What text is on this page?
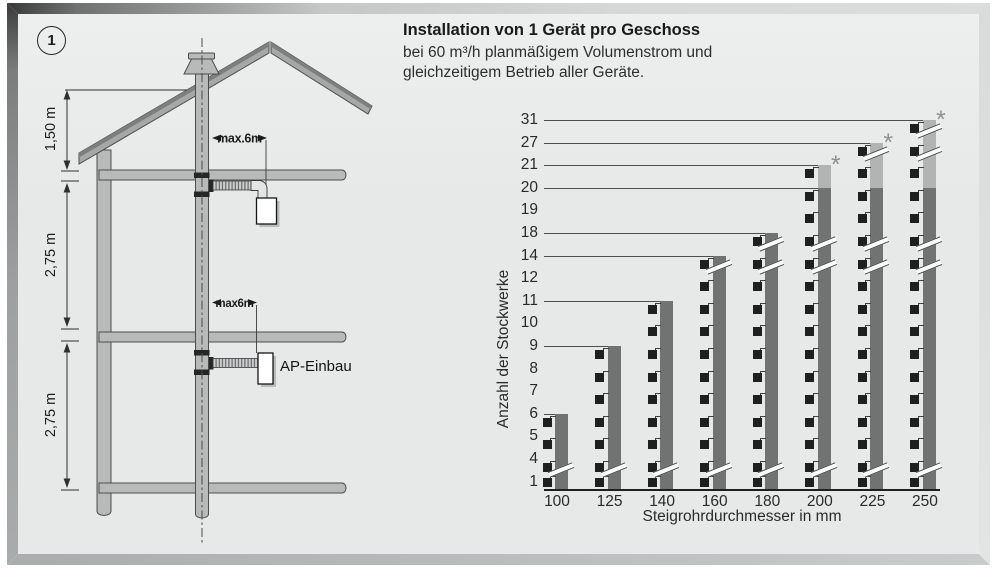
1
Installation von 1 Gerät pro Geschoss
bei 60 m³/h planmäßigem Volumenstrom und
gleichzeitigem Betrieb aller Geräte.
max.6m
max6m
1,50 m
2,75 m
2,75 m
AP-Einbau	Anzahl der Stockwerke
31
27
21
20
19
18
14
12
11
10
9
8
7
6
5
4
1
100	125	140	160	180
*
200
*
225
*
250
Steigrohrdurchmesser in mm
